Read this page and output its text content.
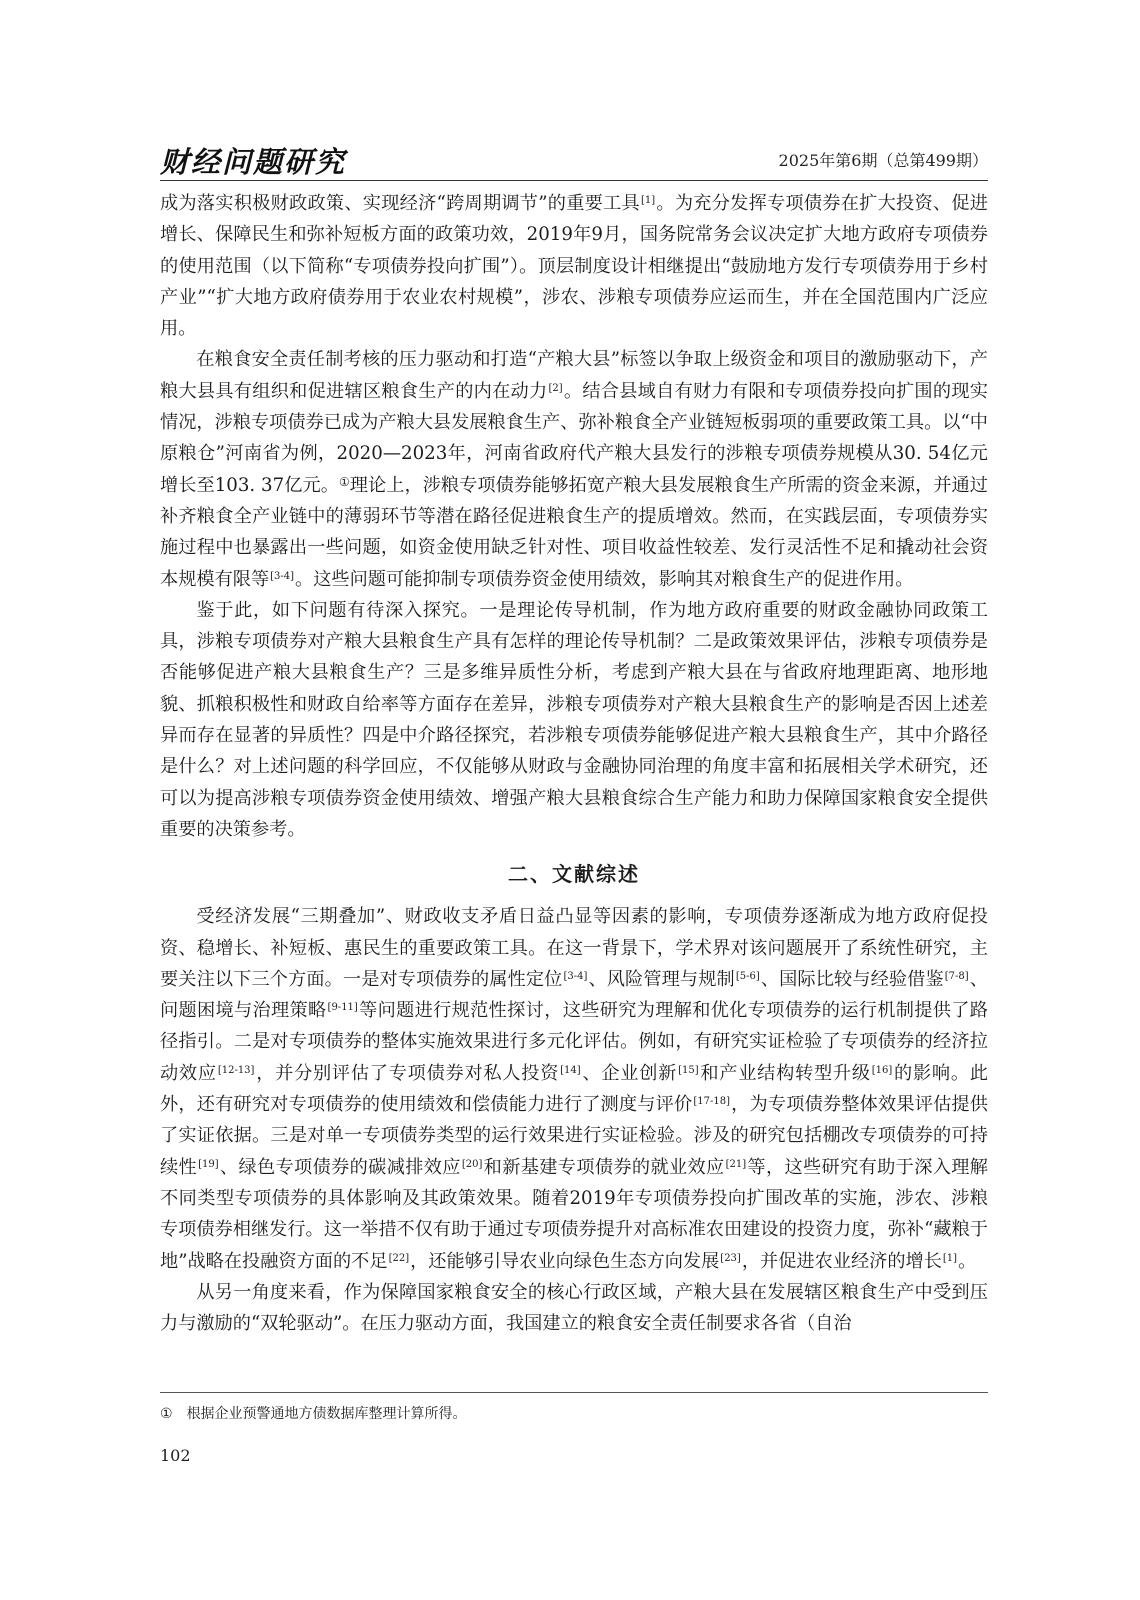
财经问题研究	2025年第6期（总第499期）

成为落实积极财政政策、实现经济“跨周期调节”的重要工具[1]。为充分发挥专项债券在扩大投资、促进增长、保障民生和弥补短板方面的政策功效，2019年9月，国务院常务会议决定扩大地方政府专项债券的使用范围（以下简称“专项债券投向扩围”）。顶层制度设计相继提出“鼓励地方发行专项债券用于乡村产业”“扩大地方政府债券用于农业农村规模”，涉农、涉粮专项债券应运而生，并在全国范围内广泛应用。

在粮食安全责任制考核的压力驱动和打造“产粮大县”标签以争取上级资金和项目的激励驱动下，产粮大县具有组织和促进辖区粮食生产的内在动力[2]。结合县域自有财力有限和专项债券投向扩围的现实情况，涉粮专项债券已成为产粮大县发展粮食生产、弥补粮食全产业链短板弱项的重要政策工具。以“中原粮仓”河南省为例，2020—2023年，河南省政府代产粮大县发行的涉粮专项债券规模从30. 54亿元增长至103. 37亿元。①理论上，涉粮专项债券能够拓宽产粮大县发展粮食生产所需的资金来源，并通过补齐粮食全产业链中的薄弱环节等潜在路径促进粮食生产的提质增效。然而，在实践层面，专项债券实施过程中也暴露出一些问题，如资金使用缺乏针对性、项目收益性较差、发行灵活性不足和撬动社会资本规模有限等[3-4]。这些问题可能抑制专项债券资金使用绩效，影响其对粮食生产的促进作用。

鉴于此，如下问题有待深入探究。一是理论传导机制，作为地方政府重要的财政金融协同政策工具，涉粮专项债券对产粮大县粮食生产具有怎样的理论传导机制？二是政策效果评估，涉粮专项债券是否能够促进产粮大县粮食生产？三是多维异质性分析，考虑到产粮大县在与省政府地理距离、地形地貌、抓粮积极性和财政自给率等方面存在差异，涉粮专项债券对产粮大县粮食生产的影响是否因上述差异而存在显著的异质性？四是中介路径探究，若涉粮专项债券能够促进产粮大县粮食生产，其中介路径是什么？对上述问题的科学回应，不仅能够从财政与金融协同治理的角度丰富和拓展相关学术研究，还可以为提高涉粮专项债券资金使用绩效、增强产粮大县粮食综合生产能力和助力保障国家粮食安全提供重要的决策参考。

二、文献综述

受经济发展“三期叠加”、财政收支矛盾日益凸显等因素的影响，专项债券逐渐成为地方政府促投资、稳增长、补短板、惠民生的重要政策工具。在这一背景下，学术界对该问题展开了系统性研究，主要关注以下三个方面。一是对专项债券的属性定位[3-4]、风险管理与规制[5-6]、国际比较与经验借鉴[7-8]、问题困境与治理策略[9-11]等问题进行规范性探讨，这些研究为理解和优化专项债券的运行机制提供了路径指引。二是对专项债券的整体实施效果进行多元化评估。例如，有研究实证检验了专项债券的经济拉动效应[12-13]，并分别评估了专项债券对私人投资[14]、企业创新[15]和产业结构转型升级[16]的影响。此外，还有研究对专项债券的使用绩效和偿债能力进行了测度与评价[17-18]，为专项债券整体效果评估提供了实证依据。三是对单一专项债券类型的运行效果进行实证检验。涉及的研究包括棚改专项债券的可持续性[19]、绿色专项债券的碳减排效应[20]和新基建专项债券的就业效应[21]等，这些研究有助于深入理解不同类型专项债券的具体影响及其政策效果。随着2019年专项债券投向扩围改革的实施，涉农、涉粮专项债券相继发行。这一举措不仅有助于通过专项债券提升对高标准农田建设的投资力度，弥补“藏粮于地”战略在投融资方面的不足[22]，还能够引导农业向绿色生态方向发展[23]，并促进农业经济的增长[1]。

从另一角度来看，作为保障国家粮食安全的核心行政区域，产粮大县在发展辖区粮食生产中受到压力与激励的“双轮驱动”。在压力驱动方面，我国建立的粮食安全责任制要求各省（自治

① 根据企业预警通地方债数据库整理计算所得。
102
